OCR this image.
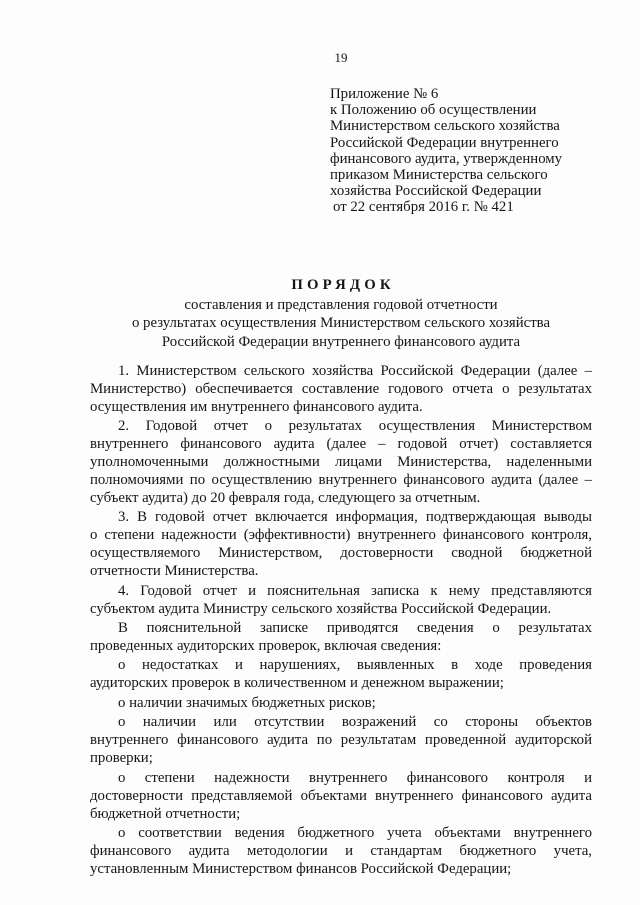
19
Приложение № 6
к Положению об осуществлении
Министерством сельского хозяйства
Российской Федерации внутреннего
финансового аудита, утвержденному
приказом Министерства сельского
хозяйства Российской Федерации
от 22 сентября 2016 г. № 421
ПОРЯДОК
составления и представления годовой отчетности
о результатах осуществления Министерством сельского хозяйства
Российской Федерации внутреннего финансового аудита
1. Министерством сельского хозяйства Российской Федерации (далее –
Министерство) обеспечивается составление годового отчета о результатах
осуществления им внутреннего финансового аудита.
2. Годовой отчет о результатах осуществления Министерством
внутреннего финансового аудита (далее – годовой отчет) составляется
уполномоченными должностными лицами Министерства, наделенными
полномочиями по осуществлению внутреннего финансового аудита (далее –
субъект аудита) до 20 февраля года, следующего за отчетным.
3. В годовой отчет включается информация, подтверждающая выводы
о степени надежности (эффективности) внутреннего финансового контроля,
осуществляемого Министерством, достоверности сводной бюджетной
отчетности Министерства.
4. Годовой отчет и пояснительная записка к нему представляются
субъектом аудита Министру сельского хозяйства Российской Федерации.
В пояснительной записке приводятся сведения о результатах
проведенных аудиторских проверок, включая сведения:
о недостатках и нарушениях, выявленных в ходе проведения
аудиторских проверок в количественном и денежном выражении;
о наличии значимых бюджетных рисков;
о наличии или отсутствии возражений со стороны объектов
внутреннего финансового аудита по результатам проведенной аудиторской
проверки;
о степени надежности внутреннего финансового контроля и
достоверности представляемой объектами внутреннего финансового аудита
бюджетной отчетности;
о соответствии ведения бюджетного учета объектами внутреннего
финансового аудита методологии и стандартам бюджетного учета,
установленным Министерством финансов Российской Федерации;
